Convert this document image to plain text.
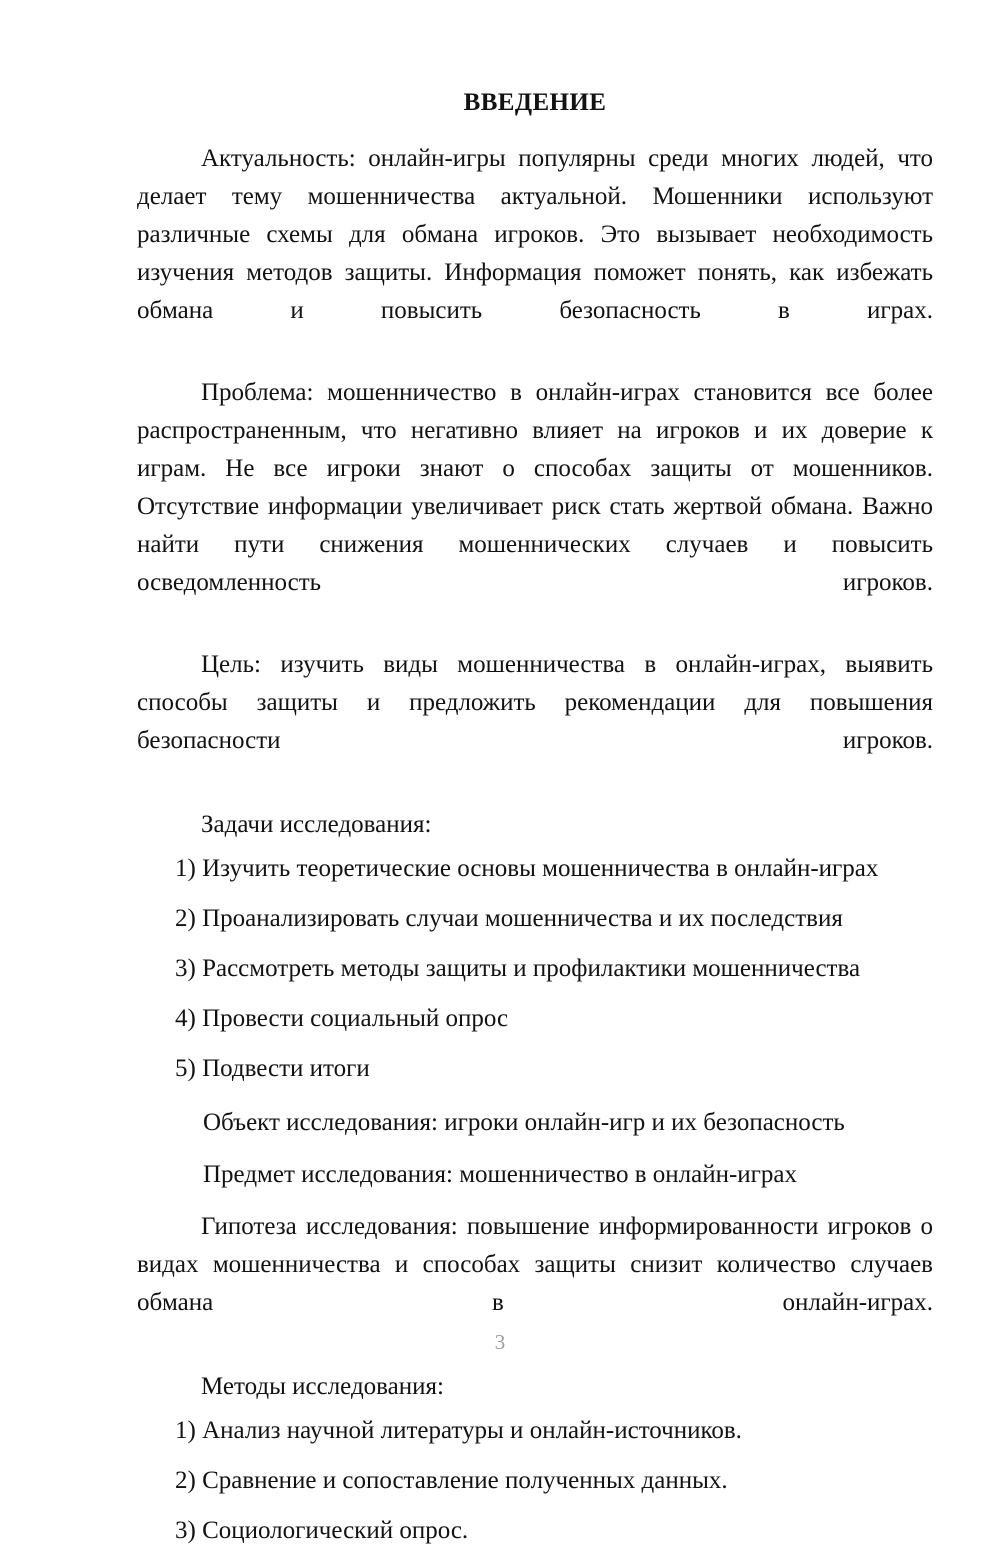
ВВЕДЕНИЕ

Актуальность: онлайн-игры популярны среди многих людей, что делает тему мошенничества актуальной. Мошенники используют различные схемы для обмана игроков. Это вызывает необходимость изучения методов защиты. Информация поможет понять, как избежать обмана и повысить безопасность в играх.

Проблема: мошенничество в онлайн-играх становится все более распространенным, что негативно влияет на игроков и их доверие к играм. Не все игроки знают о способах защиты от мошенников. Отсутствие информации увеличивает риск стать жертвой обмана. Важно найти пути снижения мошеннических случаев и повысить осведомленность игроков.

Цель: изучить виды мошенничества в онлайн-играх, выявить способы защиты и предложить рекомендации для повышения безопасности игроков.

Задачи исследования:

1) Изучить теоретические основы мошенничества в онлайн-играх
2) Проанализировать случаи мошенничества и их последствия
3) Рассмотреть методы защиты и профилактики мошенничества
4) Провести социальный опрос
5) Подвести итоги

Объект исследования: игроки онлайн-игр и их безопасность

Предмет исследования: мошенничество в онлайн-играх

Гипотеза исследования: повышение информированности игроков о видах мошенничества и способах защиты снизит количество случаев обмана в онлайн-играх.

Методы исследования:

1) Анализ научной литературы и онлайн-источников.
2) Сравнение и сопоставление полученных данных.
3) Социологический опрос.
3
